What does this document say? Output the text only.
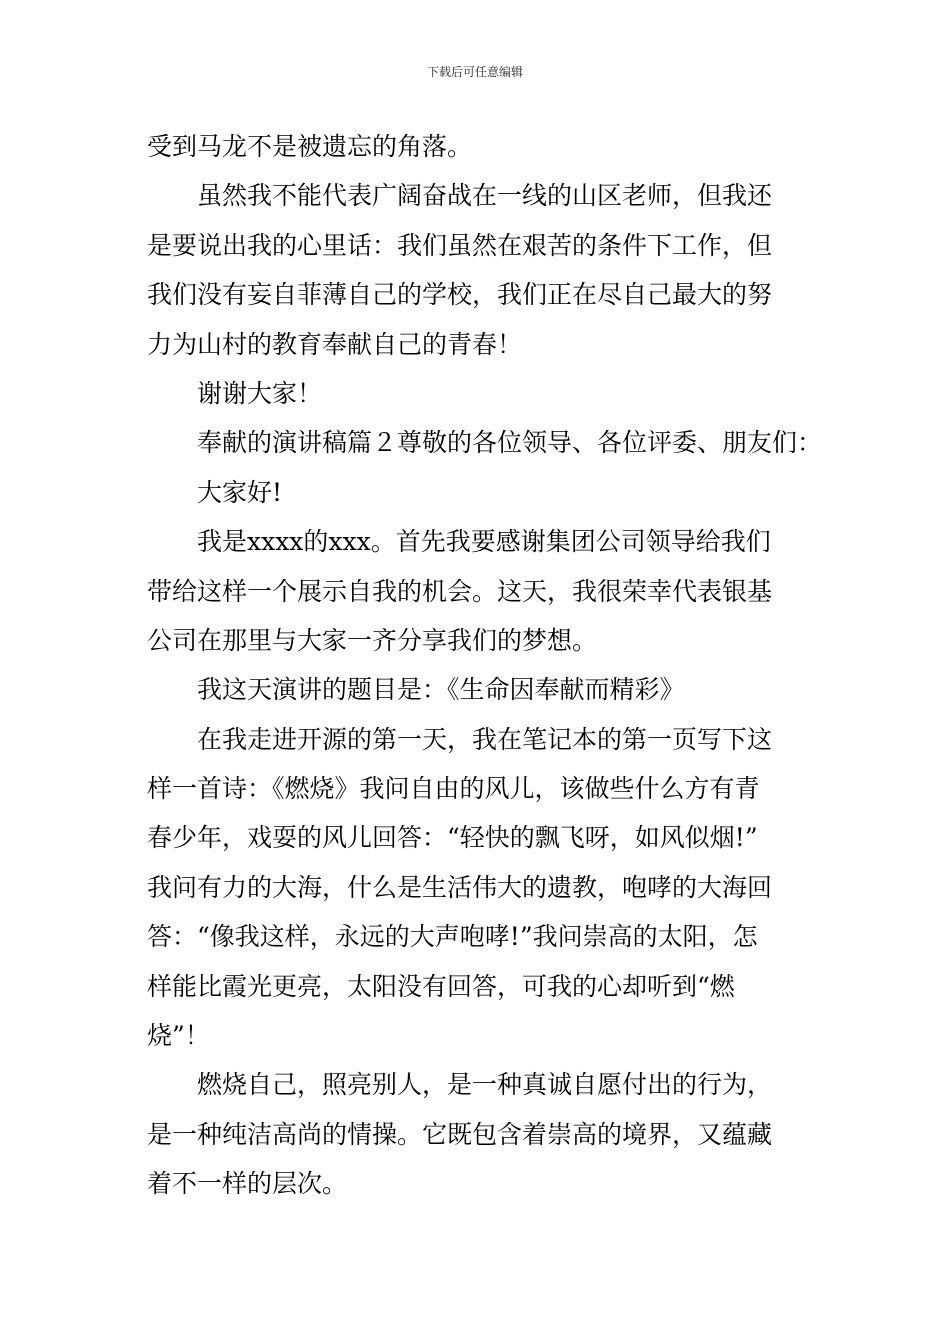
下载后可任意编辑
受到马龙不是被遗忘的角落。
虽然我不能代表广阔奋战在一线的山区老师，但我还
是要说出我的心里话：我们虽然在艰苦的条件下工作，但
我们没有妄自菲薄自己的学校，我们正在尽自己最大的努
力为山村的教育奉献自己的青春！
谢谢大家！
奉献的演讲稿篇２尊敬的各位领导、各位评委、朋友们：
大家好!
我是xxxx的xxx。首先我要感谢集团公司领导给我们
带给这样一个展示自我的机会。这天，我很荣幸代表银基
公司在那里与大家一齐分享我们的梦想。
我这天演讲的题目是：《生命因奉献而精彩》
在我走进开源的第一天，我在笔记本的第一页写下这
样一首诗：《燃烧》我问自由的风儿，该做些什么方有青
春少年，戏耍的风儿回答：“轻快的飘飞呀，如风似烟!”
我问有力的大海，什么是生活伟大的遗教，咆哮的大海回
答：“像我这样，永远的大声咆哮!”我问崇高的太阳，怎
样能比霞光更亮，太阳没有回答，可我的心却听到“燃
烧”！
燃烧自己，照亮别人，是一种真诚自愿付出的行为，
是一种纯洁高尚的情操。它既包含着崇高的境界，又蕴藏
着不一样的层次。
